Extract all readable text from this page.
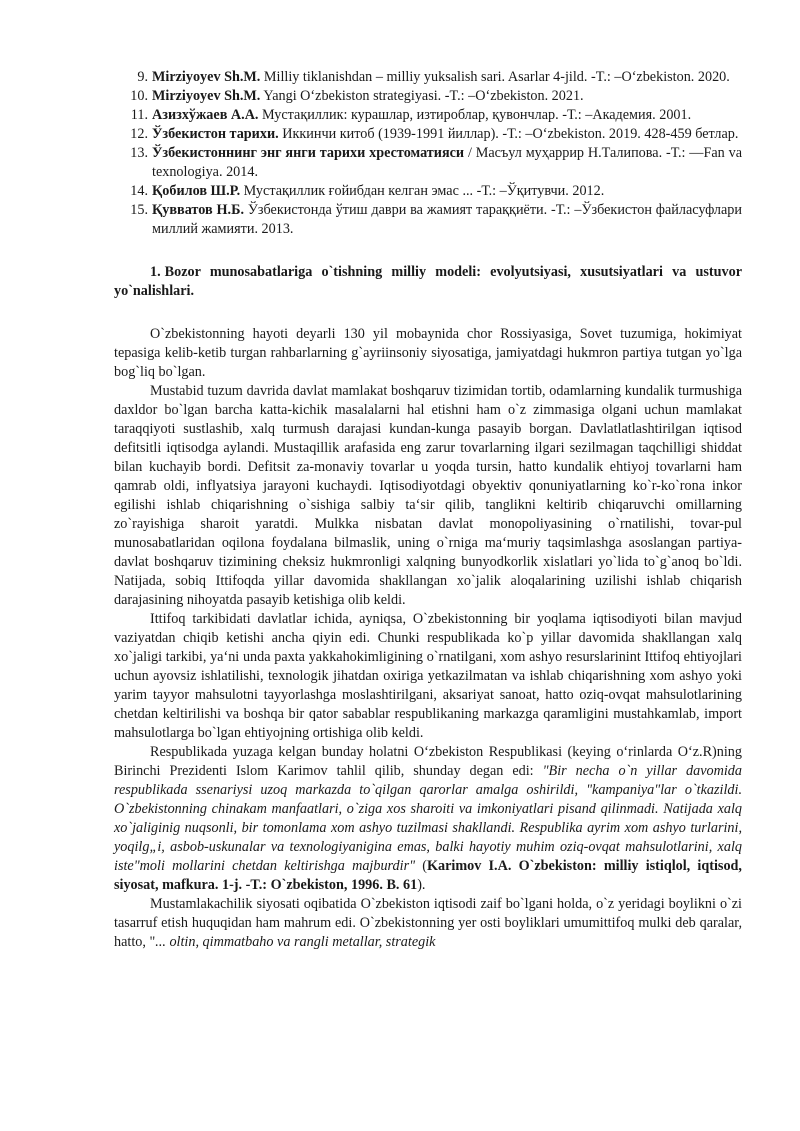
9. Mirziyoyev Sh.M. Milliy tiklanishdan – milliy yuksalish sari. Asarlar 4-jild. -T.: –O‘zbekiston. 2020.
10. Mirziyoyev Sh.M. Yangi O‘zbekiston strategiyasi. -T.: –O‘zbekiston. 2021.
11. Азизхўжаев А.А. Мустақиллик: курашлар, изтироблар, қувончлар. -Т.: –Академия. 2001.
12. Ўзбекистон тарихи. Иккинчи китоб (1939-1991 йиллар). -Т.: –O‘zbekiston. 2019. 428-459 бетлар.
13. Ўзбекистоннинг энг янги тарихи хрестоматияси / Масъул муҳаррир Н.Талипова. -Т.: ―Fan va texnologiya. 2014.
14. Қобилов Ш.Р. Мустақиллик ғойибдан келган эмас ... -Т.: –Ўқитувчи. 2012.
15. Қувватов Н.Б. Ўзбекистонда ўтиш даври ва жамият тараққиёти. -Т.: –Ўзбекистон файласуфлари миллий жамияти. 2013.

1. Bozor munosabatlariga o`tishning milliy modeli: evolyutsiyasi, xusutsiyatlari va ustuvor yo`nalishlari.

O`zbekistonning hayoti deyarli 130 yil mobaynida chor Rossiyasiga, Sovet tuzumiga, hokimiyat tepasiga kelib-ketib turgan rahbarlarning g`ayriinsoniy siyosatiga, jamiyatdagi hukmron partiya tutgan yo`lga bog`liq bo`lgan.

Mustabid tuzum davrida davlat mamlakat boshqaruv tizimidan tortib, odamlarning kundalik turmushiga daxldor bo`lgan barcha katta-kichik masalalarni hal etishni ham o`z zimmasiga olgani uchun mamlakat taraqqiyoti sustlashib, xalq turmush darajasi kundan-kunga pasayib borgan. Davlatlatlashtirilgan iqtisod defitsitli iqtisodga aylandi. Mustaqillik arafasida eng zarur tovarlarning ilgari sezilmagan taqchilligi shiddat bilan kuchayib bordi. Defitsit za-monaviy tovarlar u yoqda tursin, hatto kundalik ehtiyoj tovarlarni ham qamrab oldi, inflyatsiya jarayoni kuchaydi. Iqtisodiyotdagi obyektiv qonuniyatlarning ko`r-ko`rona inkor egilishi ishlab chiqarishning o`sishiga salbiy ta‘sir qilib, tanglikni keltirib chiqaruvchi omillarning zo`rayishiga sharoit yaratdi. Mulkka nisbatan davlat monopoliyasining o`rnatilishi, tovar-pul munosabatlaridan oqilona foydalana bilmaslik, uning o`rniga ma‘muriy taqsimlashga asoslangan partiya-davlat boshqaruv tizimining cheksiz hukmronligi xalqning bunyodkorlik xislatlari yo`lida to`g`anoq bo`ldi. Natijada, sobiq Ittifoqda yillar davomida shakllangan xo`jalik aloqalarining uzilishi ishlab chiqarish darajasining nihoyatda pasayib ketishiga olib keldi.

Ittifoq tarkibidati davlatlar ichida, ayniqsa, O`zbekistonning bir yoqlama iqtisodiyoti bilan mavjud vaziyatdan chiqib ketishi ancha qiyin edi. Chunki respublikada ko`p yillar davomida shakllangan xalq xo`jaligi tarkibi, ya‘ni unda paxta yakkahokimligining o`rnatilgani, xom ashyo resurslarinint Ittifoq ehtiyojlari uchun ayovsiz ishlatilishi, texnologik jihatdan oxiriga yetkazilmatan va ishlab chiqarishning xom ashyo yoki yarim tayyor mahsulotni tayyorlashga moslashtirilgani, aksariyat sanoat, hatto oziq-ovqat mahsulotlarining chetdan keltirilishi va boshqa bir qator sabablar respublikaning markazga qaramligini mustahkamlab, import mahsulotlarga bo`lgan ehtiyojning ortishiga olib keldi.

Respublikada yuzaga kelgan bunday holatni O‘zbekiston Respublikasi (keying o‘rinlarda O‘z.R)ning Birinchi Prezidenti Islom Karimov tahlil qilib, shunday degan edi: "Bir necha o`n yillar davomida respublikada ssenariysi uzoq markazda to`qilgan qarorlar amalga oshirildi, "kampaniya"lar o`tkazildi. O`zbekistonning chinakam manfaatlari, o`ziga xos sharoiti va imkoniyatlari pisand qilinmadi. Natijada xalq xo`jaliginig nuqsonli, bir tomonlama xom ashyo tuzilmasi shakllandi. Respublika ayrim xom ashyo turlarini, yoqilg„i, asbob-uskunalar va texnologiyanigina emas, balki hayotiy muhim oziq-ovqat mahsulotlarini, xalq iste"moli mollarini chetdan keltirishga majburdir" (Karimov I.A. O`zbekiston: milliy istiqlol, iqtisod, siyosat, mafkura. 1-j. -T.: O`zbekiston, 1996. B. 61).

Mustamlakachilik siyosati oqibatida O`zbekiston iqtisodi zaif bo`lgani holda, o`z yeridagi boylikni o`zi tasarruf etish huquqidan ham mahrum edi. O`zbekistonning yer osti boyliklari umumittifoq mulki deb qaralar, hatto, "... oltin, qimmatbaho va rangli metallar, strategik
